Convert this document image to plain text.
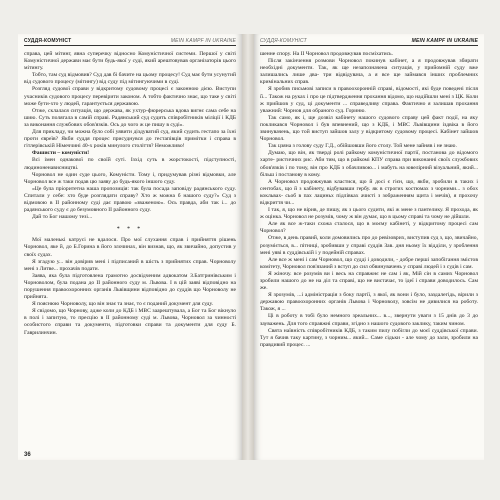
СУДДЯ-КОМУНІСТ	MEIN KAMPF IN UKRAINE

справа, цей мітинг, явна суперечку відносно Комуністичної системи. Першої у світі Комуністичної держави має бути будь-якої у суді, який арештовував організаторів цього мітингу.

Тобто, там суд відмовив? Суд дав бі бачите на цьому процесу! Суд має бути усунутий від судового процесу (мітингу) від суду під мітингуючими в суді.

Розгляд судової справи у відкритому судовому процесі є законною дією. Виступи учасників судового процесу перевірити законом. А тобто фактично знає, що таке у світі може бути-хто у людей, гарантується державою.

Отже, склалася ситуація, що держава, як ухтур-фюрерська вдова вигнє сама себе на шию. Суть полягала в самій справі. Радянський суд судить співробітників міліції і КДБ за виконання службових обов'язків. Ось до чого ж це пишу в суді».

Для прикладу, чи можна було собі уявити діздуватий суд, який судить гестапо за їхні проти євреїв? Якби суддя процес присуднувся до гестапівців примітки і справа в гітлерівській Німеччині 40-х років минулого століття? Неможливо!

Фашисти – комуністи!

Всі імен однакової по своїй суті. Ізхід суть в жорстокості, підступності, людиноненависництві.

Чорновол не один суде цього, Комуністи. Тому і, придумував різні відмовки, але Чорновол все ж таки подав цю заяву до будь-якого іншого суду.

«Це була пріоритетна наша пропозиція: так була посада заповіду радянського суду. Спитали у себе: хто буде розглядати справу? Хто ж можна б нашого суду?» Суд з відмовою в II районному суді дає правою «зваженою». Ось правда, аби так і... до радянського суду є до безумовного II районного суду.

Дай то Бог нашому тезі...

* * *

Мої маленькі катрусі не вдалося. Про мої слухання справ і прийняття рішень Чорновол, яке й, до Б.Горина в його злочинах, він визнав, що, як звичайно, допустив у своїх судах.

Я згадую у... він довірив мені і підписаний в шість з прийнятих справ. Чорноволу мені з Литве... прохачів подати.

Заява, яка була підготовлена грамотно досвідченим адвокатом З.Батгринівським і Чорноволом, була подана до II районного суду м. Львова. І в цій заяві відповідно на порушення правоохоронних органів Львівщини відповідно до суддів що Чорноволу не прийнята.

Я пояснюю Чорноволу, що він знає та знає, то є поданий документ для суду.

Я свідомо, що Чорнову, адже коли до КДБ і МВС заарештувала, а Бог та Бог вікнуло в полі і запитую, то пресцію в II районному суді м. Львова, Чорновол за чинності особистого справи та документи, підготовки справи та документи для суду Б. Гаврилинчин.

36
СУДДЯ-КОМУНІСТ	MEIN KAMPF IN UKRAINE

шенне спору. На ІІ Чорновол продовжував посміхатись.

Після закінчення розмови Чорновол покинув кабінет, а я продовжував збирати необхідні документи. Так, як ще незапозначена ситуація, у прийомній суду вже залишались лише два- три відвідувача, а я все ще займався інших проблемних кримінальних справ.

Я зробив письмові записи в правоохоронній справі, відомості, які буде поведені після її... Також на руках і про це підтвердження прохання відомо, що надійшли мені з ЦК. Коли ж прийшов у суд, ці документи ... справедливу справа. Фактично я залишав прохання уважний: Чорнов для обраного суд. Гориню.

Так само, як і, ще дозвіл кабінету нашого судового справу цей факт події, на яку покликався Чорновол і був впевнений, що з КДБ, і МВС Львівщини іздвіка в його звинувачень, що той виступ зайшов залу у відкритому судовому процесі. Кабінет зайшов Чорновол.

Так цзяна з голову суду Г.Д., обійшовши його столу. Той мене зайняв і не знаю.

Думаю, що він, як тверді ролі райкому комуністичної партії, постанова до відомого харте- ристичних рис. Аби тим, що в райкомі КПУ справа при виконанні своїх службових обов'язків і по тому, він про КДБ з обачливою... і мабуть на ювелірний візуальний, який... більш і постанову в кому.

А Чорновол продовжував кластися, що й досі є гієн, що, якби, зробили в таких і сентобах, що й з кабінету, відбувавши гербу. як в строгих костюмах з чорними... з обох кокльвах- сьоб в пах лациньх підлівках ачисті з зображенням щита і мечів), я прохочу відкриття чи...

І так, я, що не вірив, де пишу, як з цього судити, які ж мене з пантелику. Я прохода, як ж оцінкa. Чорновол не розумів, чому ж він думає, що в цьому справі та чому не дійшли.

Але як все ж-таки схожа сталося, що в моєму кабінеті, у відкритому процесі сам Чорновол?

Отже, в день правий, коли домовились про до ревізоврих, виступив суд з, що, звичайно, розуміється, в... пітниці, зробивши у справі суддів Зав. дня ньому їх відділи, у зроблення мені уяві в суддівській і у подейній справах.

Але все ж мені і сам Чорновол, що судді і доводили, - добре перші запобігання змістов комітету, Чорновол пов'язаний з вступ до сил обвинувачень у справі людей і з судів і сам.

Я жіночу. все розумів ви і весь на справжнє не сам і як, Мій сін в самих Чорновол зробили нашого до не на діл та справі, що не вистачає, то ідеї і справи доводилось. Сам же.

Я зрозумів, ...і адміністрація з боку партії, з якої, як вони і було, заздалегідь, вірили з державою правоохоронних органів Львова і Чорноволу, зовсім не дивилися на роботу. Також, я ...

Ці в роботу в тобі було немного зреальних... в..., звернути уваги з 15 днів до 3 до зауважень. Для того справжні справи, згідно з нашого судового заклику, таким чином.

Свята наївність співробітників КДБ, з таким пилу побігли до моєї суддівської справи. Тут я бачив таку картину, з чорним... який... Саме сідьки - але чому до зали, зробили на правдивий процес. ...
